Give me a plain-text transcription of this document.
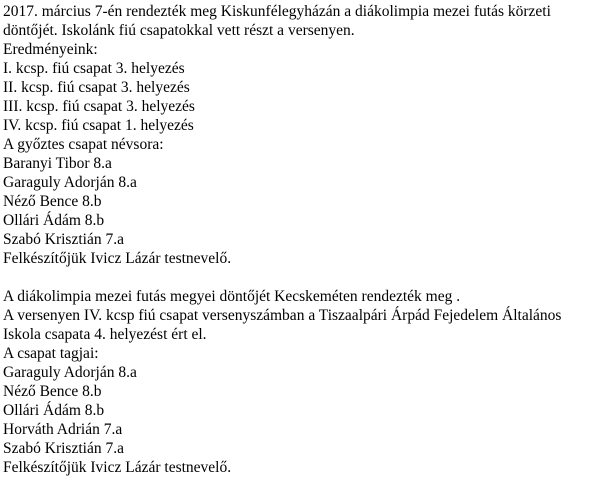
2017. március 7-én rendezték meg Kiskunfélegyházán a diákolimpia mezei futás körzeti

döntőjét. Iskolánk fiú csapatokkal vett részt a versenyen.

Eredményeink:

I. kcsp. fiú csapat 3. helyezés

II. kcsp. fiú csapat 3. helyezés

III. kcsp. fiú csapat 3. helyezés

IV. kcsp. fiú csapat 1. helyezés

A győztes csapat névsora:

Baranyi Tibor 8.a

Garaguly Adorján 8.a

Néző Bence 8.b

Ollári Ádám 8.b

Szabó Krisztián 7.a

Felkészítőjük Ivicz Lázár testnevelő.

A diákolimpia mezei futás megyei döntőjét Kecskeméten rendezték meg .

A versenyen IV. kcsp fiú csapat versenyszámban a Tiszaalpári Árpád Fejedelem Általános

Iskola csapata 4. helyezést ért el.

A csapat tagjai:

Garaguly Adorján 8.a

Néző Bence 8.b

Ollári Ádám 8.b

Horváth Adrián 7.a

Szabó Krisztián 7.a

Felkészítőjük Ivicz Lázár testnevelő.
